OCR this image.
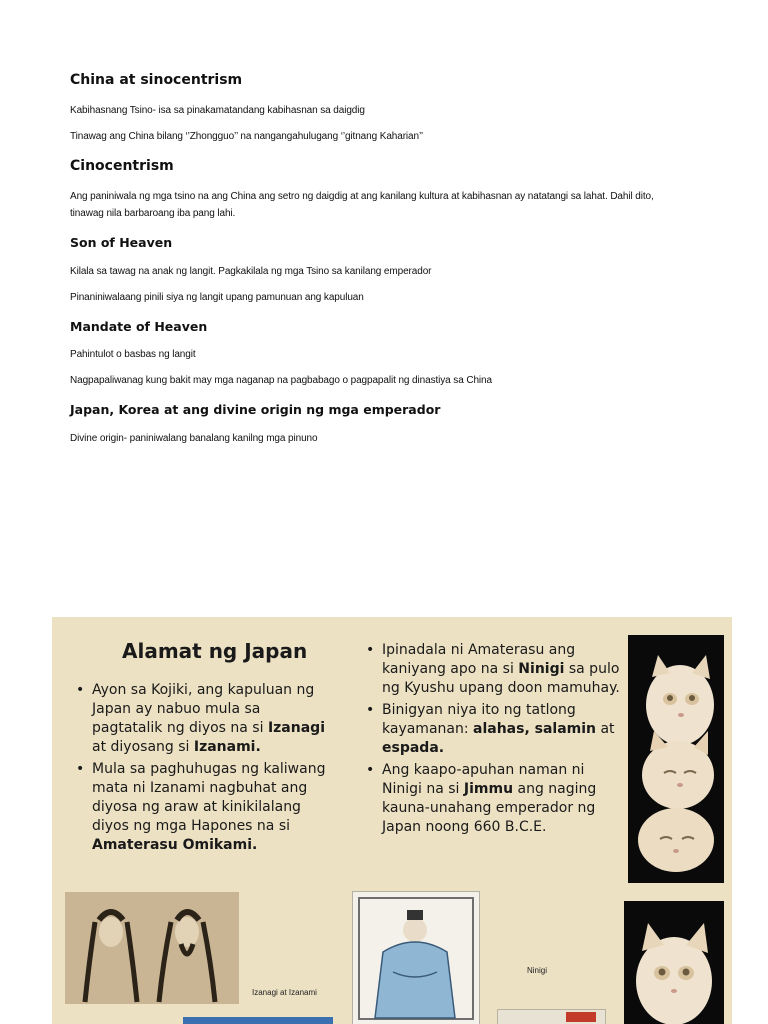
China at sinocentrism

Kabihasnang Tsino- isa sa pinakamatandang kabihasnan sa daigdig

Tinawag ang China bilang ‘’Zhongguo’’ na nangangahulugang ‘’gitnang Kaharian’’

Cinocentrism

Ang paniniwala ng mga tsino na ang China ang setro ng daigdig at ang kanilang kultura at kabihasnan ay natatangi sa lahat. Dahil dito,

tinawag nila barbaroang iba pang lahi.

Son of Heaven

Kilala sa tawag na anak ng langit. Pagkakilala ng mga Tsino sa kanilang emperador

Pinaniniwalaang pinili siya ng langit upang pamunuan ang kapuluan

Mandate of Heaven

Pahintulot o basbas ng langit

Nagpapaliwanag kung bakit may mga naganap na pagbabago o pagpapalit ng dinastiya sa China

Japan, Korea at ang divine origin ng mga emperador

Divine origin- paniniwalang banalang kanilng mga pinuno

Alamat ng Japan
• Ayon sa Kojiki, ang kapuluan ng
Japan ay nabuo mula sa
pagtatalik ng diyos na si Izanagi
at diyosang si Izanami.
• Mula sa paghuhugas ng kaliwang
mata ni Izanami nagbuhat ang
diyosa ng araw at kinikilalang
diyos ng mga Hapones na si
Amaterasu Omikami.
• Ipinadala ni Amaterasu ang
kaniyang apo na si Ninigi sa pulo
ng Kyushu upang doon mamuhay.
• Binigyan niya ito ng tatlong
kayamanan: alahas, salamin at
espada.
• Ang kaapo-apuhan naman ni
Ninigi na si Jimmu ang naging
kauna-unahang emperador ng
Japan noong 660 B.C.E.
Izanagi at Izanami
Ninigi
